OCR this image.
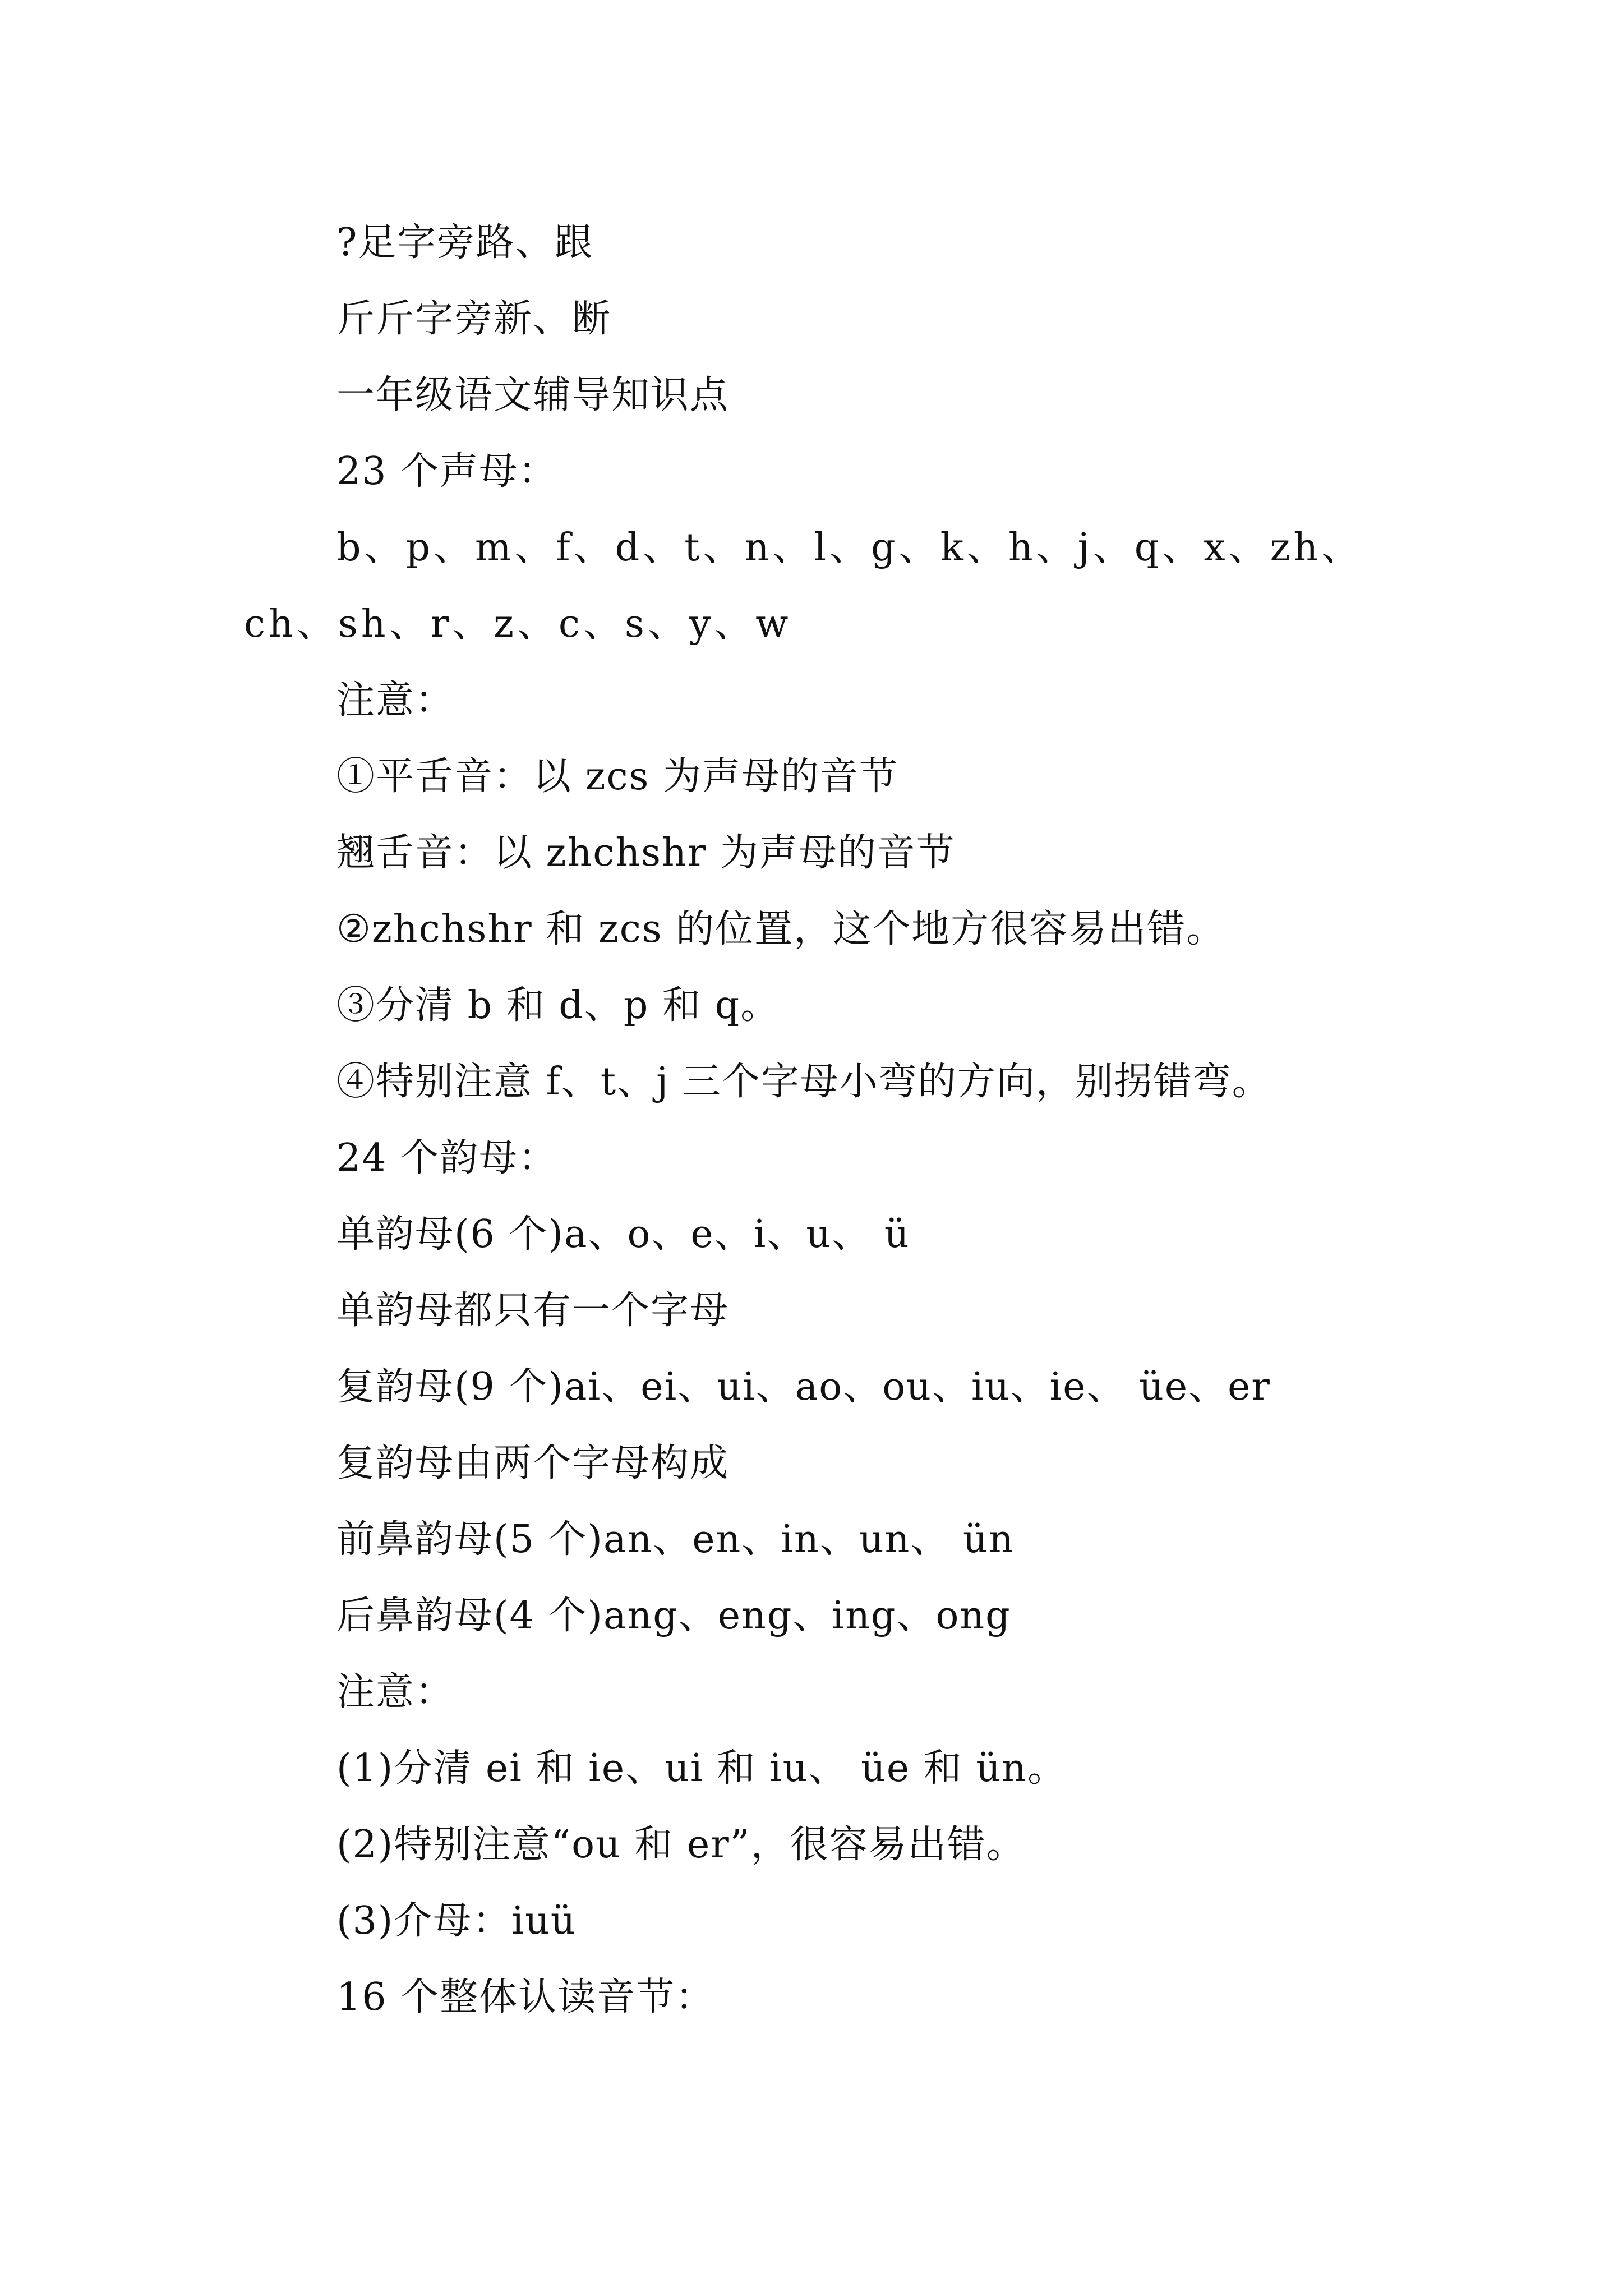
?足字旁路、跟
斤斤字旁新、断
一年级语文辅导知识点
23 个声母：
b、p、m、f、d、t、n、l、g、k、h、j、q、x、zh、
ch、sh、r、z、c、s、y、w
注意：
①平舌音：以 zcs 为声母的音节
翘舌音：以 zhchshr 为声母的音节
②zhchshr 和 zcs 的位置，这个地方很容易出错。
③分清 b 和 d、p 和 q。
④特别注意 f、t、j 三个字母小弯的方向，别拐错弯。
24 个韵母：
单韵母(6 个)a、o、e、i、u、 ü
单韵母都只有一个字母
复韵母(9 个)ai、ei、ui、ao、ou、iu、ie、 üe、er
复韵母由两个字母构成
前鼻韵母(5 个)an、en、in、un、 ün
后鼻韵母(4 个)ang、eng、ing、ong
注意：
(1)分清 ei 和 ie、ui 和 iu、 üe 和 ün。
(2)特别注意“ou 和 er”，很容易出错。
(3)介母：iuü
16 个整体认读音节：
